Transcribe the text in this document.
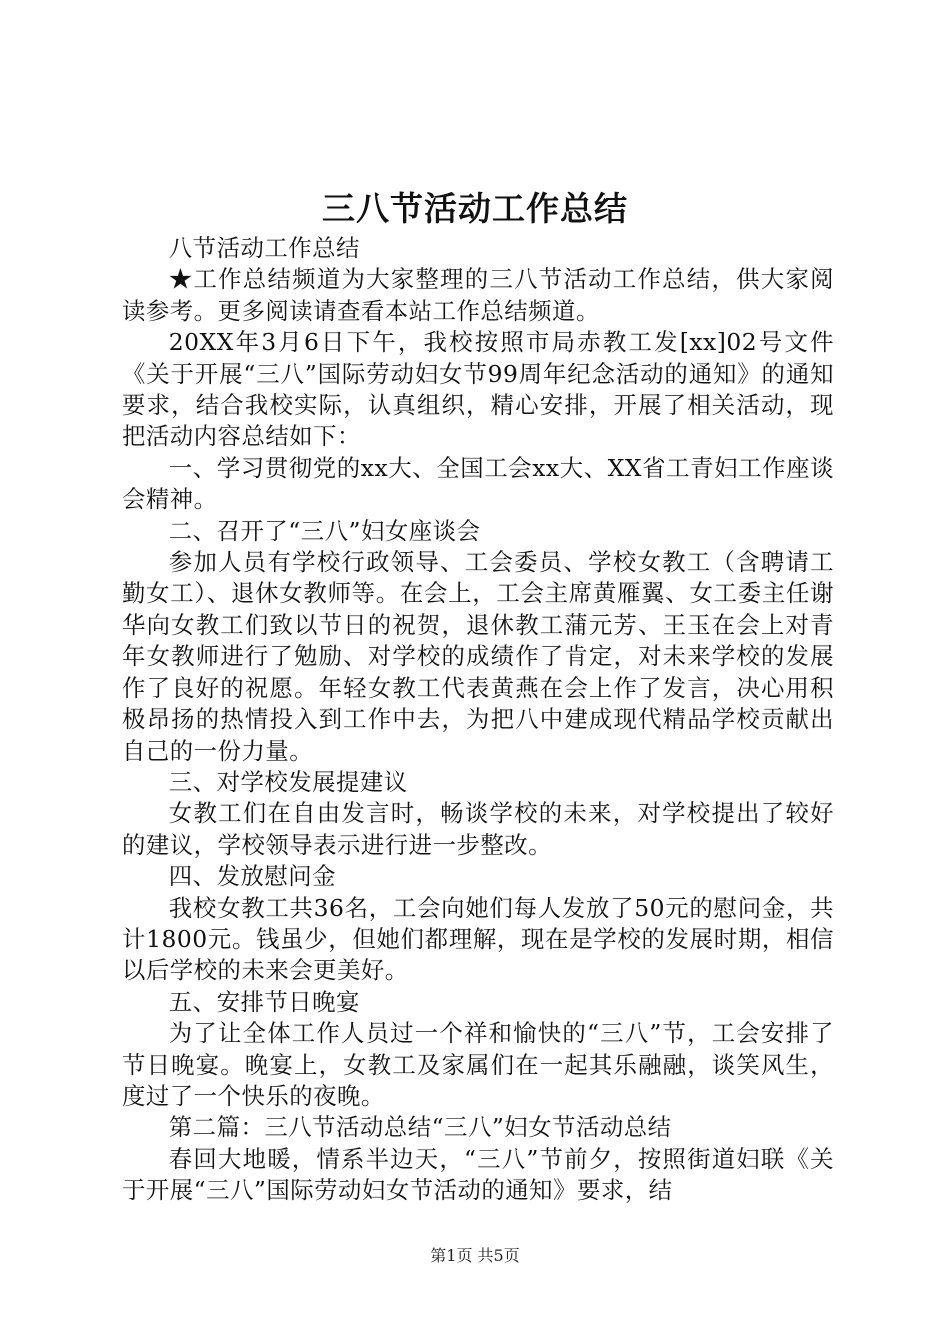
三八节活动工作总结

八节活动工作总结

★工作总结频道为大家整理的三八节活动工作总结，供大家阅读参考。更多阅读请查看本站工作总结频道。

20XX年3月6日下午，我校按照市局赤教工发[xx]02号文件《关于开展“三八”国际劳动妇女节99周年纪念活动的通知》的通知要求，结合我校实际，认真组织，精心安排，开展了相关活动，现把活动内容总结如下：

一、学习贯彻党的xx大、全国工会xx大、XX省工青妇工作座谈会精神。

二、召开了“三八”妇女座谈会

参加人员有学校行政领导、工会委员、学校女教工（含聘请工勤女工）、退休女教师等。在会上，工会主席黄雁翼、女工委主任谢华向女教工们致以节日的祝贺，退休教工蒲元芳、王玉在会上对青年女教师进行了勉励、对学校的成绩作了肯定，对未来学校的发展作了良好的祝愿。年轻女教工代表黄燕在会上作了发言，决心用积极昂扬的热情投入到工作中去，为把八中建成现代精品学校贡献出自己的一份力量。

三、对学校发展提建议

女教工们在自由发言时，畅谈学校的未来，对学校提出了较好的建议，学校领导表示进行进一步整改。

四、发放慰问金

我校女教工共36名，工会向她们每人发放了50元的慰问金，共计1800元。钱虽少，但她们都理解，现在是学校的发展时期，相信以后学校的未来会更美好。

五、安排节日晚宴

为了让全体工作人员过一个祥和愉快的“三八”节，工会安排了节日晚宴。晚宴上，女教工及家属们在一起其乐融融，谈笑风生，度过了一个快乐的夜晚。

第二篇：三八节活动总结“三八”妇女节活动总结

春回大地暖，情系半边天，“三八”节前夕，按照街道妇联《关于开展“三八”国际劳动妇女节活动的通知》要求，结

第1页 共5页
